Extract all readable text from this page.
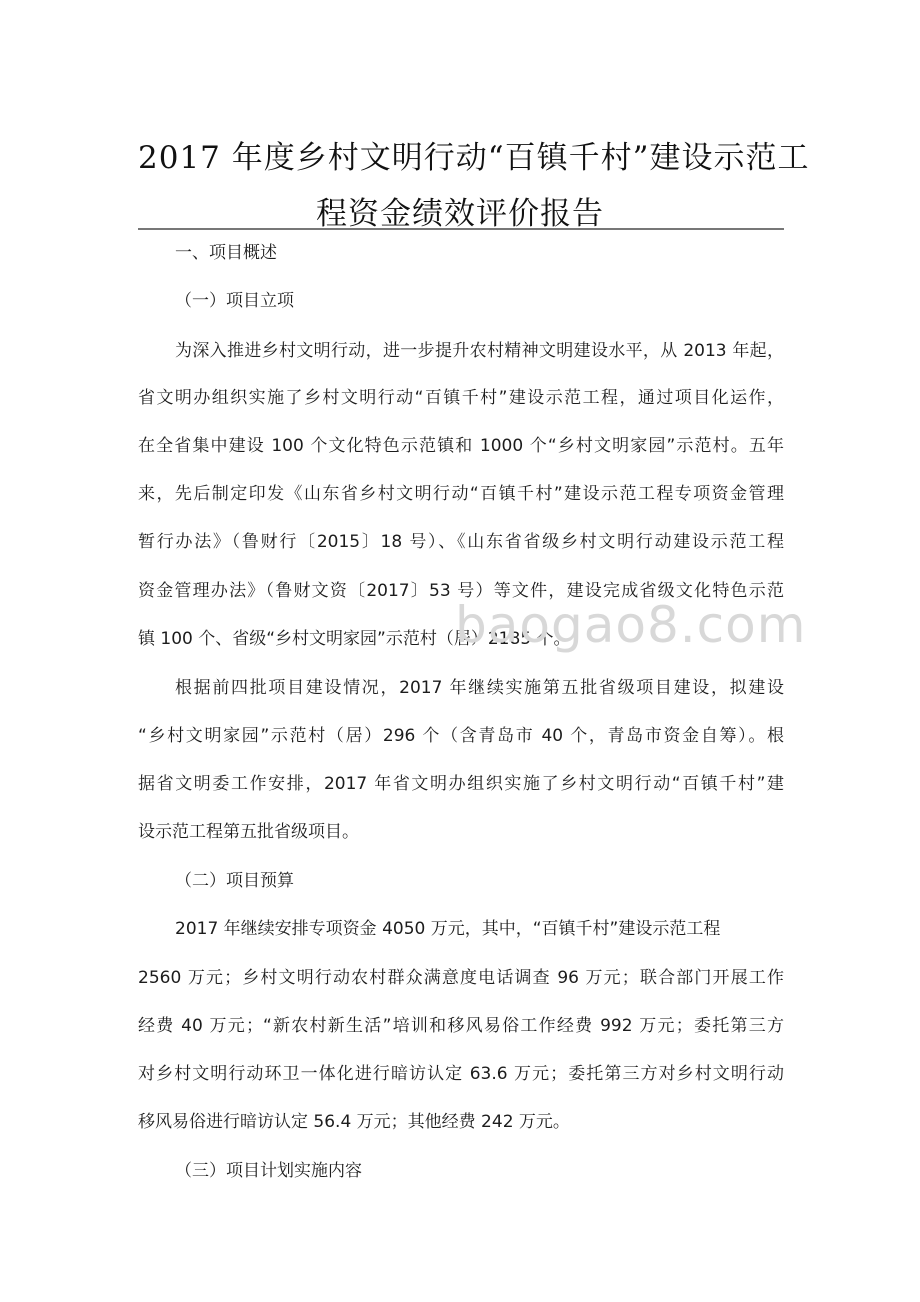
2017 年度乡村文明行动“百镇千村”建设示范工
程资金绩效评价报告
一、项目概述
（一）项目立项
为深入推进乡村文明行动，进一步提升农村精神文明建设水平，从 2013 年起，
省文明办组织实施了乡村文明行动“百镇千村”建设示范工程，通过项目化运作，
在全省集中建设 100 个文化特色示范镇和 1000 个“乡村文明家园”示范村。五年
来，先后制定印发《山东省乡村文明行动“百镇千村”建设示范工程专项资金管理
暂行办法》（鲁财行〔2015〕18 号）、《山东省省级乡村文明行动建设示范工程
资金管理办法》（鲁财文资〔2017〕53 号）等文件，建设完成省级文化特色示范
镇 100 个、省级“乡村文明家园”示范村（居）2185 个。
baogao8.com
根据前四批项目建设情况，2017 年继续实施第五批省级项目建设，拟建设
“乡村文明家园”示范村（居）296 个（含青岛市 40 个，青岛市资金自筹）。根
据省文明委工作安排，2017 年省文明办组织实施了乡村文明行动“百镇千村”建
设示范工程第五批省级项目。
（二）项目预算
2017 年继续安排专项资金 4050 万元，其中，“百镇千村”建设示范工程
2560 万元；乡村文明行动农村群众满意度电话调查 96 万元；联合部门开展工作
经费 40 万元；“新农村新生活”培训和移风易俗工作经费 992 万元；委托第三方
对乡村文明行动环卫一体化进行暗访认定 63.6 万元；委托第三方对乡村文明行动
移风易俗进行暗访认定 56.4 万元；其他经费 242 万元。
（三）项目计划实施内容
